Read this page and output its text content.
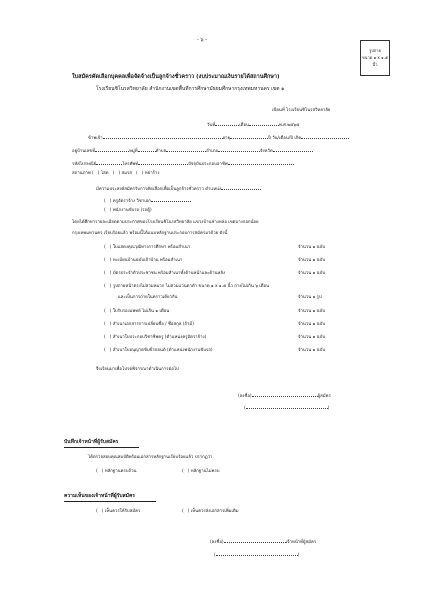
- ๖ -
รูปถ่าย
ขนาด ๑ x ๑.๕
นิ้ว
ใบสมัครคัดเลือกบุคคลเพื่อจัดจ้างเป็นลูกจ้างชั่วคราว (งบประมาณเงินรายได้สถานศึกษา)
โรงเรียนชิโนรสวิทยาลัย สำนักงานเขตพื้นที่การศึกษามัธยมศึกษากรุงเทพมหานคร เขต ๑
เขียนที่ โรงเรียนชิโนรสวิทยาลัย
วันที่	เดือน	พ.ศ.๒๕๖๕
ข้าพเจ้า	อายุ	ปี วัน/เดือน/ปี เกิด
อยู่บ้านเลขที่	หมู่ที่	ตำบล	อำเภอ	จังหวัด
รหัสไปรษณีย์	โทรศัพท์	ปัจจุบันประกอบอาชีพ
สถานภาพ (   ) โสด (   ) สมรส (   ) หย่าร้าง
มีความประสงค์สมัครรับการคัดเลือกเพื่อเป็นลูกจ้างชั่วคราว ตำแหน่ง
(   ) ครูอัตราจ้าง วิชาเอก
(   ) พนักงานขับรถ (รถตู้)
โดยได้ศึกษารายละเอียดตามประกาศของโรงเรียนชิโนรสวิทยาลัย แขวงบ้านช่างหล่อ เขตบางกอกน้อย
กรุงเทพมหานคร เรียบร้อยแล้ว พร้อมนี้ได้แนบหลักฐานประกอบการสมัครมาด้วย ดังนี้
(   ) ใบแสดงคุณวุฒิทางการศึกษา พร้อมสำเนา	จำนวน ๑ ฉบับ
(   ) ทะเบียนบ้านฉบับเจ้าบ้าน พร้อมสำเนา	จำนวน ๑ ฉบับ
(   ) บัตรประจำตัวประชาชน พร้อมสำเนาทั้งด้านหน้าและด้านหลัง	จำนวน ๑ ฉบับ
(   ) รูปถ่ายหน้าตรงไม่สวมหมวก ไม่สวมแว่นตาดำ ขนาด ๑ x ๑.๕ นิ้ว ถ่ายไม่เกิน ๖ เดือน
และเป็นการถ่ายในคราวเดียวกัน	จำนวน ๑ รูป
(   ) ใบรับรองแพทย์ ไม่เกิน ๑ เดือน	จำนวน ๑ ฉบับ
(   ) สำเนาเอกสารการเปลี่ยนชื่อ / ชื่อสกุล (ถ้ามี)	จำนวน ๑ ฉบับ
(   ) สำเนาใบประกอบวิชาชีพครู (ตำแหน่งครูอัตราจ้าง)	จำนวน ๑ ฉบับ
(   ) สำเนาใบอนุญาตขับขี่รถยนต์ (ตำแหน่งพนักงานขับรถ)	จำนวน ๑ ฉบับ
จึงเรียนมาเพื่อโปรดพิจารณาดำเนินการต่อไป
(ลงชื่อ)	ผู้สมัคร
(	)
บันทึกเจ้าหน้าที่ผู้รับสมัคร
ได้ตรวจสอบคุณสมบัติพร้อมเอกสารหลักฐานเรียบร้อยแล้ว ปรากฏว่า
(   ) หลักฐานครบถ้วน	(   ) หลักฐานไม่ครบ
ความเห็นของเจ้าหน้าที่ผู้รับสมัคร
(   ) เห็นควรให้รับสมัคร	(   ) เห็นควรส่งเอกสารเพิ่มเติม
(ลงชื่อ)	เจ้าหน้าที่ผู้สมัคร
(	)
